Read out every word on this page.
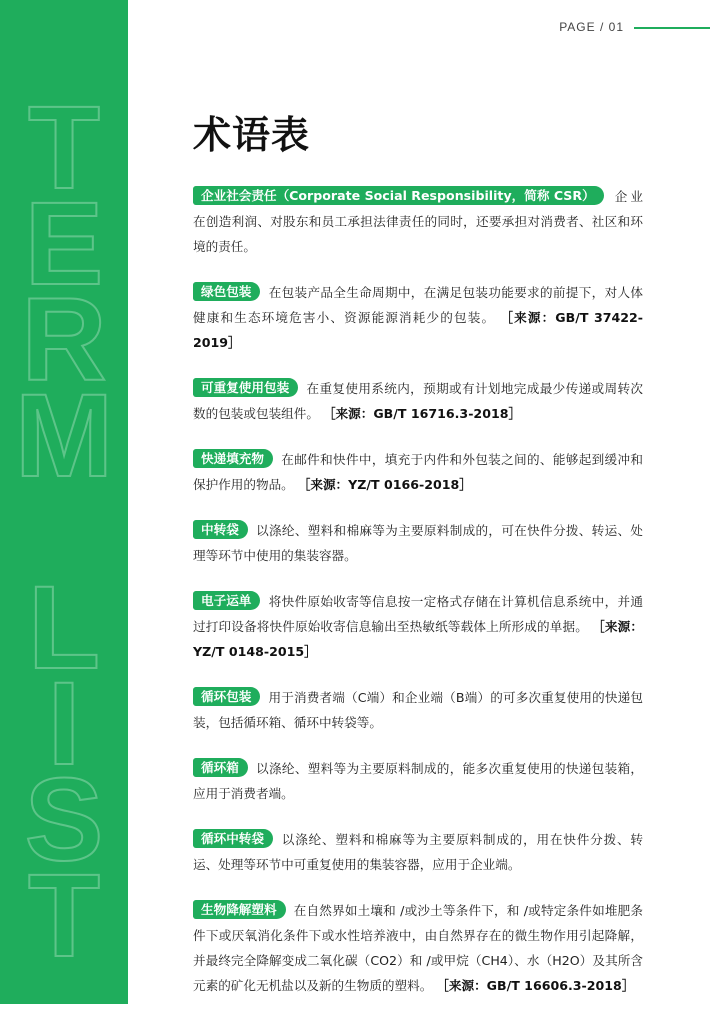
T
E
R
M
L
I
S
T
PAGE / 01
术语表
企业社会责任（Corporate Social Responsibility，简称 CSR） 企业在创造利润、对股东和员工承担法律责任的同时，还要承担对消费者、社区和环境的责任。
绿色包装 在包装产品全生命周期中，在满足包装功能要求的前提下，对人体健康和生态环境危害小、资源能源消耗少的包装。 ［来源：GB/T 37422-2019］
可重复使用包装 在重复使用系统内，预期或有计划地完成最少传递或周转次数的包装或包装组件。 ［来源：GB/T 16716.3-2018］
快递填充物 在邮件和快件中，填充于内件和外包装之间的、能够起到缓冲和保护作用的物品。 ［来源：YZ/T 0166-2018］
中转袋 以涤纶、塑料和棉麻等为主要原料制成的，可在快件分拨、转运、处理等环节中使用的集装容器。
电子运单 将快件原始收寄等信息按一定格式存储在计算机信息系统中，并通过打印设备将快件原始收寄信息输出至热敏纸等载体上所形成的单据。 ［来源：YZ/T 0148-2015］
循环包装 用于消费者端（C端）和企业端（B端）的可多次重复使用的快递包装，包括循环箱、循环中转袋等。
循环箱 以涤纶、塑料等为主要原料制成的，能多次重复使用的快递包装箱，应用于消费者端。
循环中转袋 以涤纶、塑料和棉麻等为主要原料制成的，用在快件分拨、转运、处理等环节中可重复使用的集装容器，应用于企业端。
生物降解塑料 在自然界如土壤和 /或沙土等条件下，和 /或特定条件如堆肥条件下或厌氧消化条件下或水性培养液中，由自然界存在的微生物作用引起降解，并最终完全降解变成二氧化碳（CO2）和 /或甲烷（CH4）、水（H2O）及其所含元素的矿化无机盐以及新的生物质的塑料。 ［来源：GB/T 16606.3-2018］
